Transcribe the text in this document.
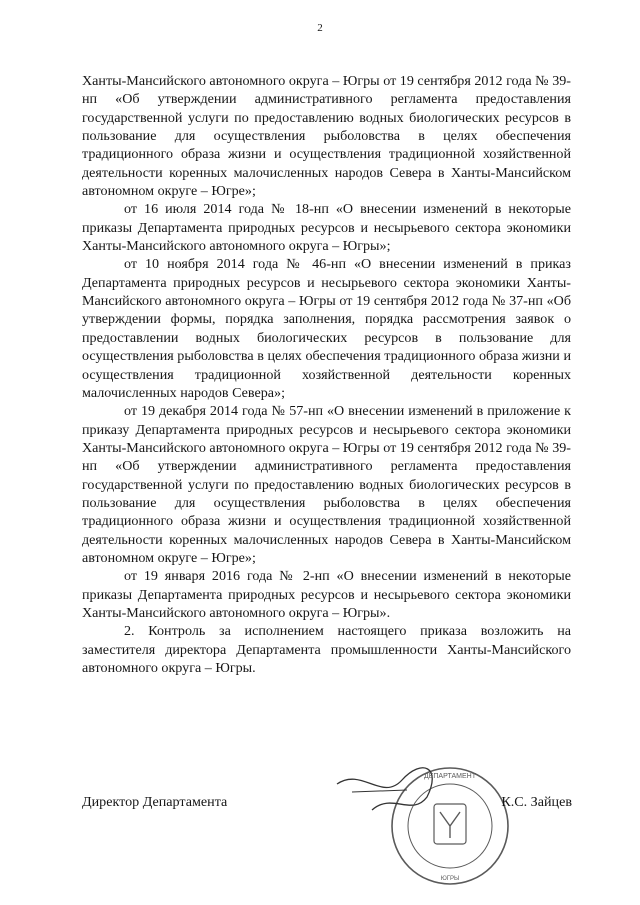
2

Ханты-Мансийского автономного округа – Югры от 19 сентября 2012 года № 39-нп «Об утверждении административного регламента предоставления государственной услуги по предоставлению водных биологических ресурсов в пользование для осуществления рыболовства в целях обеспечения традиционного образа жизни и осуществления традиционной хозяйственной деятельности коренных малочисленных народов Севера в Ханты-Мансийском автономном округе – Югре»;

от 16 июля 2014 года № 18-нп «О внесении изменений в некоторые приказы Департамента природных ресурсов и несырьевого сектора экономики Ханты-Мансийского автономного округа – Югры»;

от 10 ноября 2014 года № 46-нп «О внесении изменений в приказ Департамента природных ресурсов и несырьевого сектора экономики Ханты-Мансийского автономного округа – Югры от 19 сентября 2012 года № 37-нп «Об утверждении формы, порядка заполнения, порядка рассмотрения заявок о предоставлении водных биологических ресурсов в пользование для осуществления рыболовства в целях обеспечения традиционного образа жизни и осуществления традиционной хозяйственной деятельности коренных малочисленных народов Севера»;

от 19 декабря 2014 года № 57-нп «О внесении изменений в приложение к приказу Департамента природных ресурсов и несырьевого сектора экономики Ханты-Мансийского автономного округа – Югры от 19 сентября 2012 года № 39-нп «Об утверждении административного регламента предоставления государственной услуги по предоставлению водных биологических ресурсов в пользование для осуществления рыболовства в целях обеспечения традиционного образа жизни и осуществления традиционной хозяйственной деятельности коренных малочисленных народов Севера в Ханты-Мансийском автономном округе – Югре»;

от 19 января 2016 года № 2-нп «О внесении изменений в некоторые приказы Департамента природных ресурсов и несырьевого сектора экономики Ханты-Мансийского автономного округа – Югры».

2. Контроль за исполнением настоящего приказа возложить на заместителя директора Департамента промышленности Ханты-Мансийского автономного округа – Югры.

Директор Департамента
ДЕПАРТАМЕНТ
ЮГРЫ
К.С. Зайцев
